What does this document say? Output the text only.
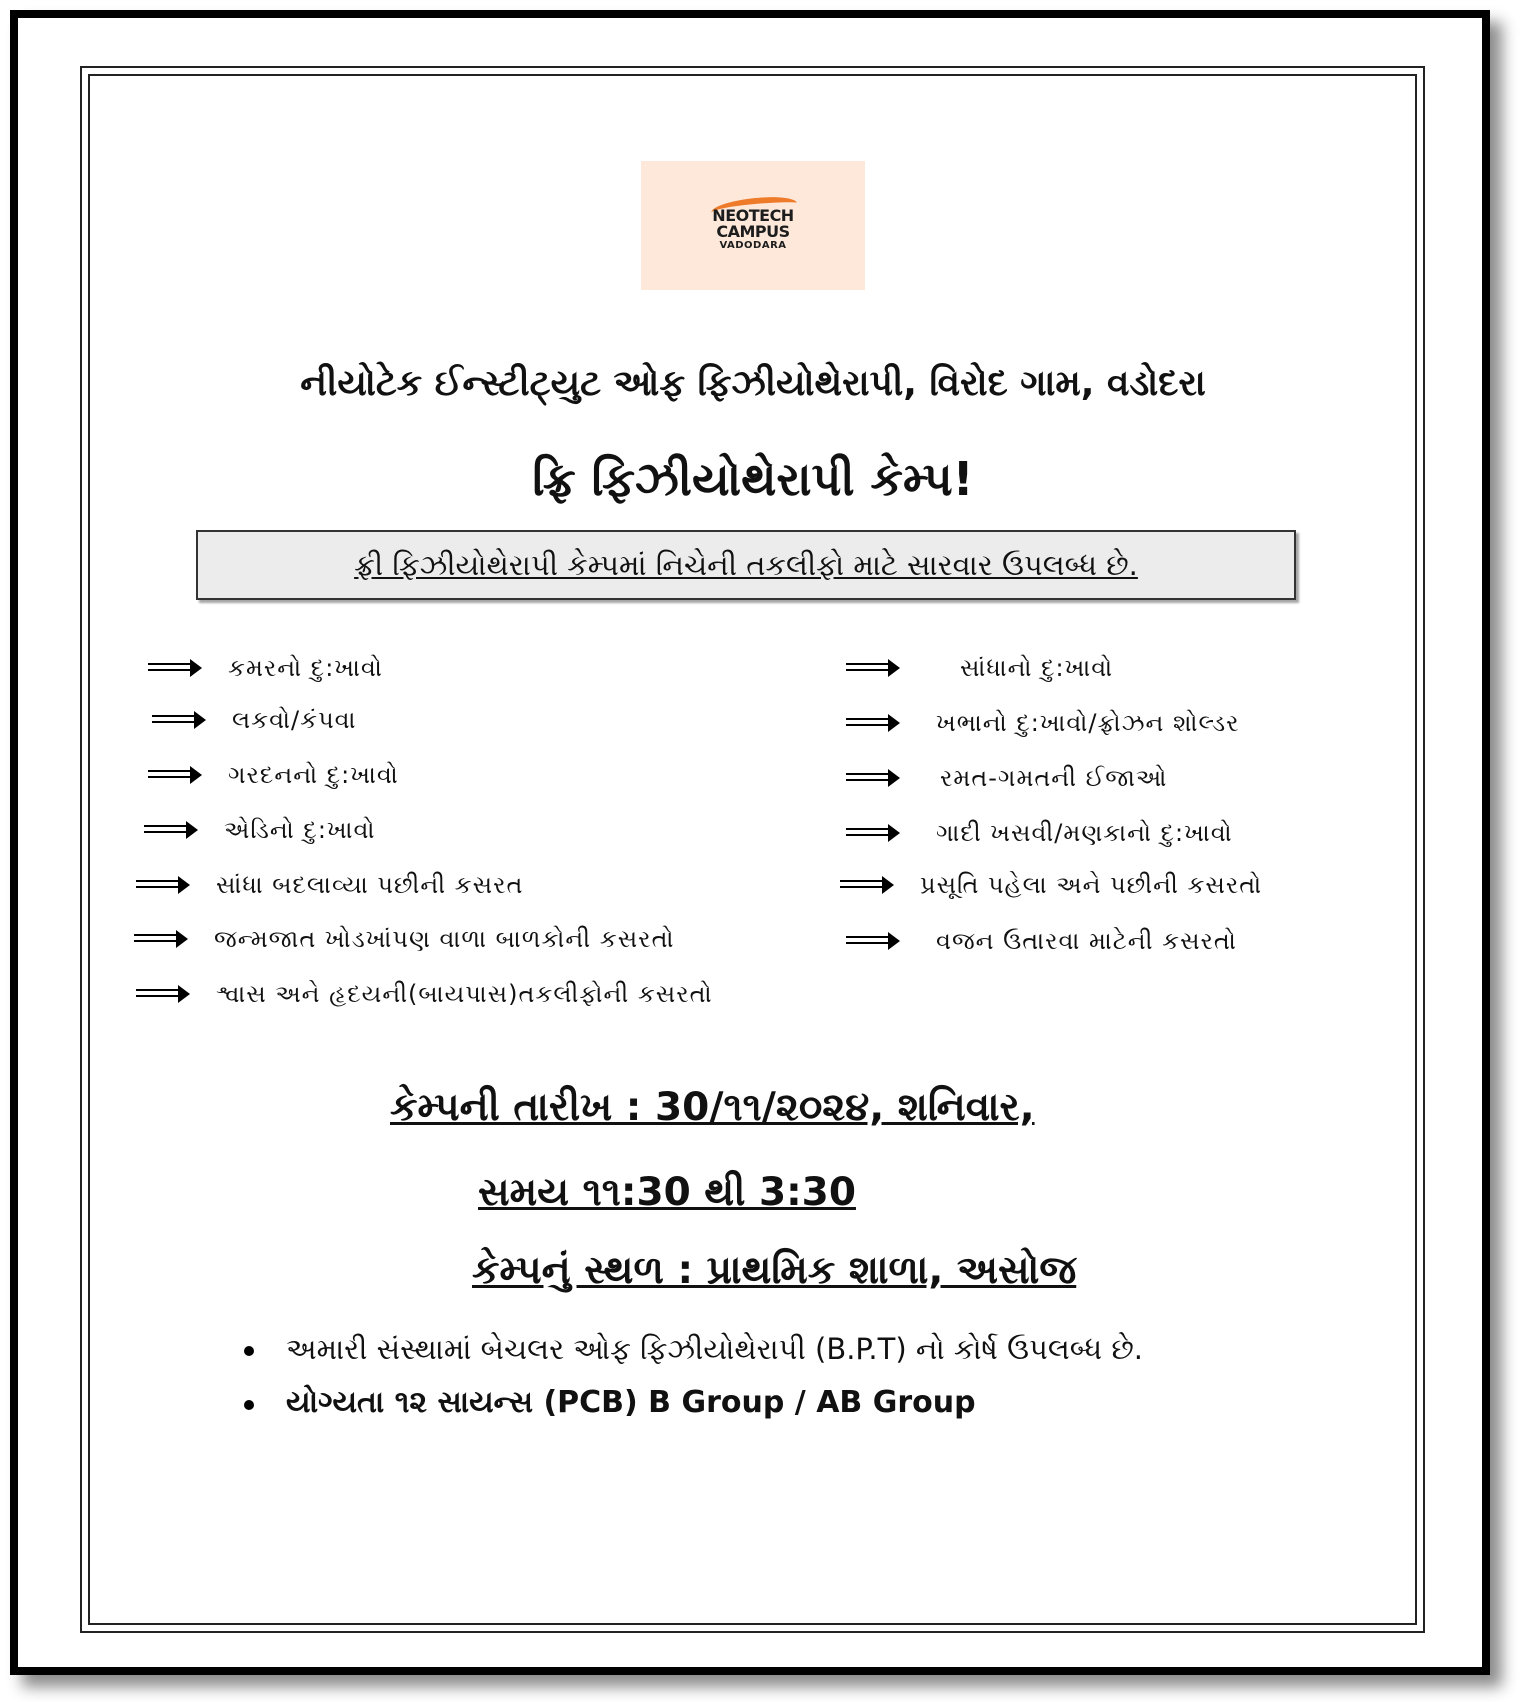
NEOTECH
CAMPUS
VADODARA
નીયોટેક ઈન્સ્ટીટ્યુટ ઓફ ફિઝીયોથેરાપી, વિરોદ ગામ, વડોદરા
ફ્રિ ફિઝીયોથેરાપી કેમ્પ!
ફ્રી ફિઝીયોથેરાપી કેમ્પમાં નિચેની તકલીફો માટે સારવાર ઉપલબ્ધ છે.
કમરનો દુ:ખાવો
લકવો/કંપવા
ગરદનનો દુ:ખાવો
એડિનો દુ:ખાવો
સાંધા બદલાવ્યા પછીની કસરત
જન્મજાત ખોડખાંપણ વાળા બાળકોની કસરતો
શ્વાસ અને હૃદયની(બાયપાસ)તકલીફોની કસરતો
સાંધાનો દુ:ખાવો
ખભાનો દુ:ખાવો/ફ્રોઝન શોલ્ડર
રમત-ગમતની ઈજાઓ
ગાદી ખસવી/મણકાનો દુ:ખાવો
પ્રસૂતિ પહેલા અને પછીની કસરતો
વજન ઉતારવા માટેની કસરતો
કેમ્પની તારીખ : 30/૧૧/૨૦૨૪, શનિવાર,
સમય ૧૧:30 થી 3:30
કેમ્પનું સ્થળ : પ્રાથમિક શાળા, અસોજ
અમારી સંસ્થામાં બેચલર ઓફ ફિઝીયોથેરાપી (B.P.T) નો કોર્ષ ઉપલબ્ધ છે.
યોગ્યતા ૧૨ સાયન્સ (PCB) B Group / AB Group
